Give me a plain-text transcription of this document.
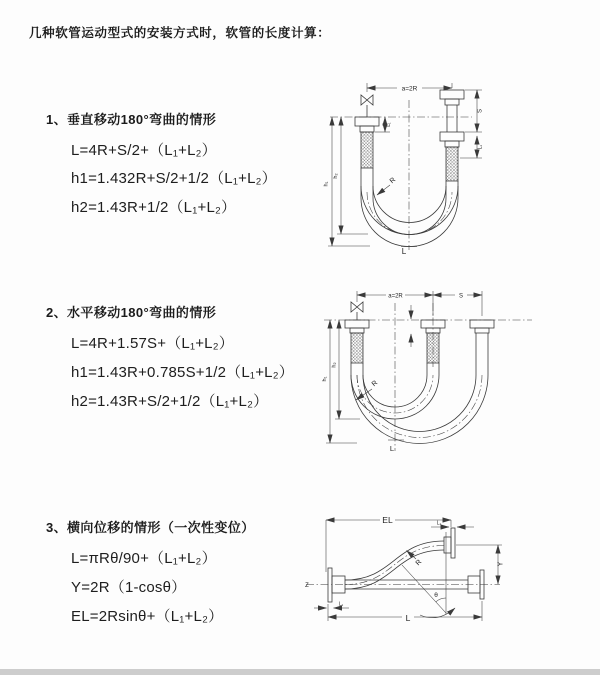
几种软管运动型式的安装方式时，软管的长度计算：
1、垂直移动180°弯曲的情形
L=4R+S/2+（L₁+L₂）
h1=1.432R+S/2+1/2（L₁+L₂）
h2=1.43R+1/2（L₁+L₂）
a=2R
h₁
h₂
L₁
S
L₁
R
L
2、水平移动180°弯曲的情形
L=4R+1.57S+（L₁+L₂）
h1=1.43R+0.785S+1/2（L₁+L₂）
h2=1.43R+S/2+1/2（L₁+L₂）
a=2R	S
h₁
h₂
R
L
3、横向位移的情形（一次性变位）
L=πRθ/90+（L₁+L₂）
Y=2R（1-cosθ）
EL=2Rsinθ+（L₁+L₂）
EL	L₁
Y
L
L₁
R
θ
Z
